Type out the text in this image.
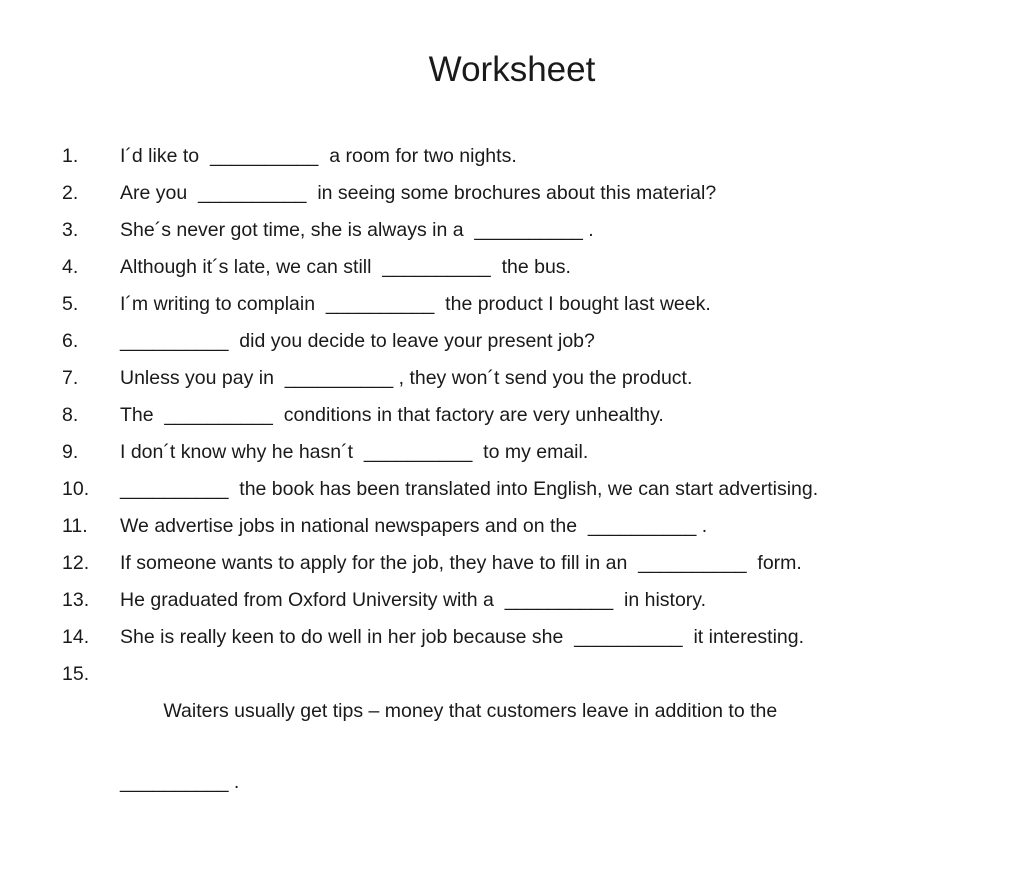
Worksheet
1.	I´d like to  __________  a room for two nights.
2.	Are you  __________  in seeing some brochures about this material?
3.	She´s never got time, she is always in a  __________ .
4.	Although it´s late, we can still  __________  the bus.
5.	I´m writing to complain  __________  the product I bought last week.
6.	__________  did you decide to leave your present job?
7.	Unless you pay in  __________ , they won´t send you the product.
8.	The  __________  conditions in that factory are very unhealthy.
9.	I don´t know why he hasn´t  __________  to my email.
10.	__________  the book has been translated into English, we can start advertising.
11.	We advertise jobs in national newspapers and on the  __________ .
12.	If someone wants to apply for the job, they have to fill in an  __________  form.
13.	He graduated from Oxford University with a  __________  in history.
14.	She is really keen to do well in her job because she  __________  it interesting.
15.

Waiters usually get tips – money that customers leave in addition to the

__________ .
